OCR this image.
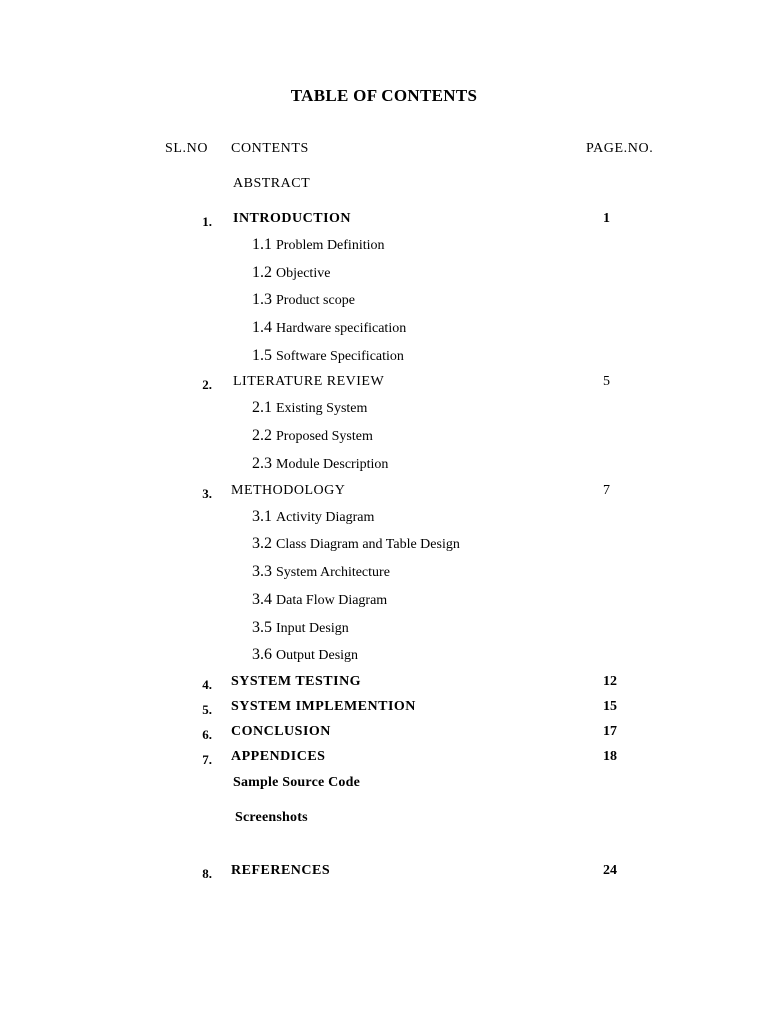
TABLE OF CONTENTS
SL.NO CONTENTS	PAGE.NO.
ABSTRACT
1. INTRODUCTION	1
1.1 Problem Definition
1.2 Objective
1.3 Product scope
1.4 Hardware specification
1.5 Software Specification
2. LITERATURE REVIEW	5
2.1 Existing System
2.2 Proposed System
2.3 Module Description
3. METHODOLOGY	7
3.1 Activity Diagram
3.2 Class Diagram and Table Design
3.3 System Architecture
3.4 Data Flow Diagram
3.5 Input Design
3.6 Output Design
4. SYSTEM TESTING	12
5. SYSTEM IMPLEMENTION	15
6. CONCLUSION	17
7. APPENDICES	18
Sample Source Code
Screenshots
8. REFERENCES	24
